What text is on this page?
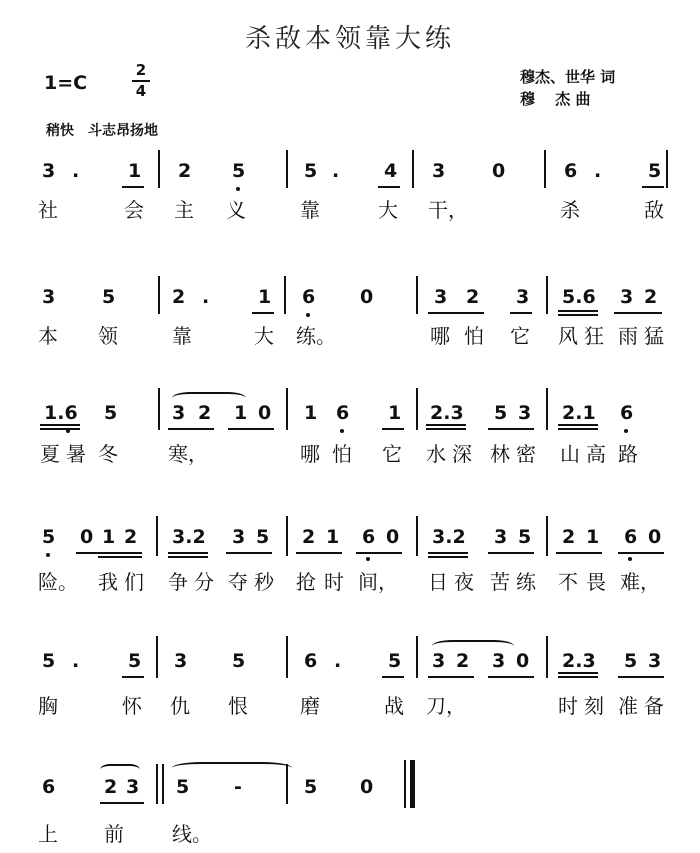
杀敌本领靠大练
1=C
2
4
穆杰、世华 词
穆　 杰 曲
稍快　斗志昂扬地
3 .	1 2 5	5 . 4 3 0	6 . 5
社	会 主 义	靠	大 干，	杀	敌
3 5	2 .	1 6 0	3 2 3 5.6 3 2
本 领	靠	大 练。	哪 怕 它 风 狂 雨 猛
1.6 5	3 2 1 0 1 6 1 2.3 5 3 2.1 6
夏 暑 冬	寒，	哪 怕 它 水 深 林 密 山 高 路
5 0 1 2 3.2 3 5 2 1 6 0 3.2 3 5 2 1 6 0
险。 我 们 争 分 夺 秒 抢 时 间， 日 夜 苦 练 不 畏 难，
5 .	5 3 5	6 . 5 3 2 3 0 2.3 5 3
胸	怀 仇 恨	磨	战 刀，	时 刻 准 备
6	2 3 5 -	5 0
上 前 线。
